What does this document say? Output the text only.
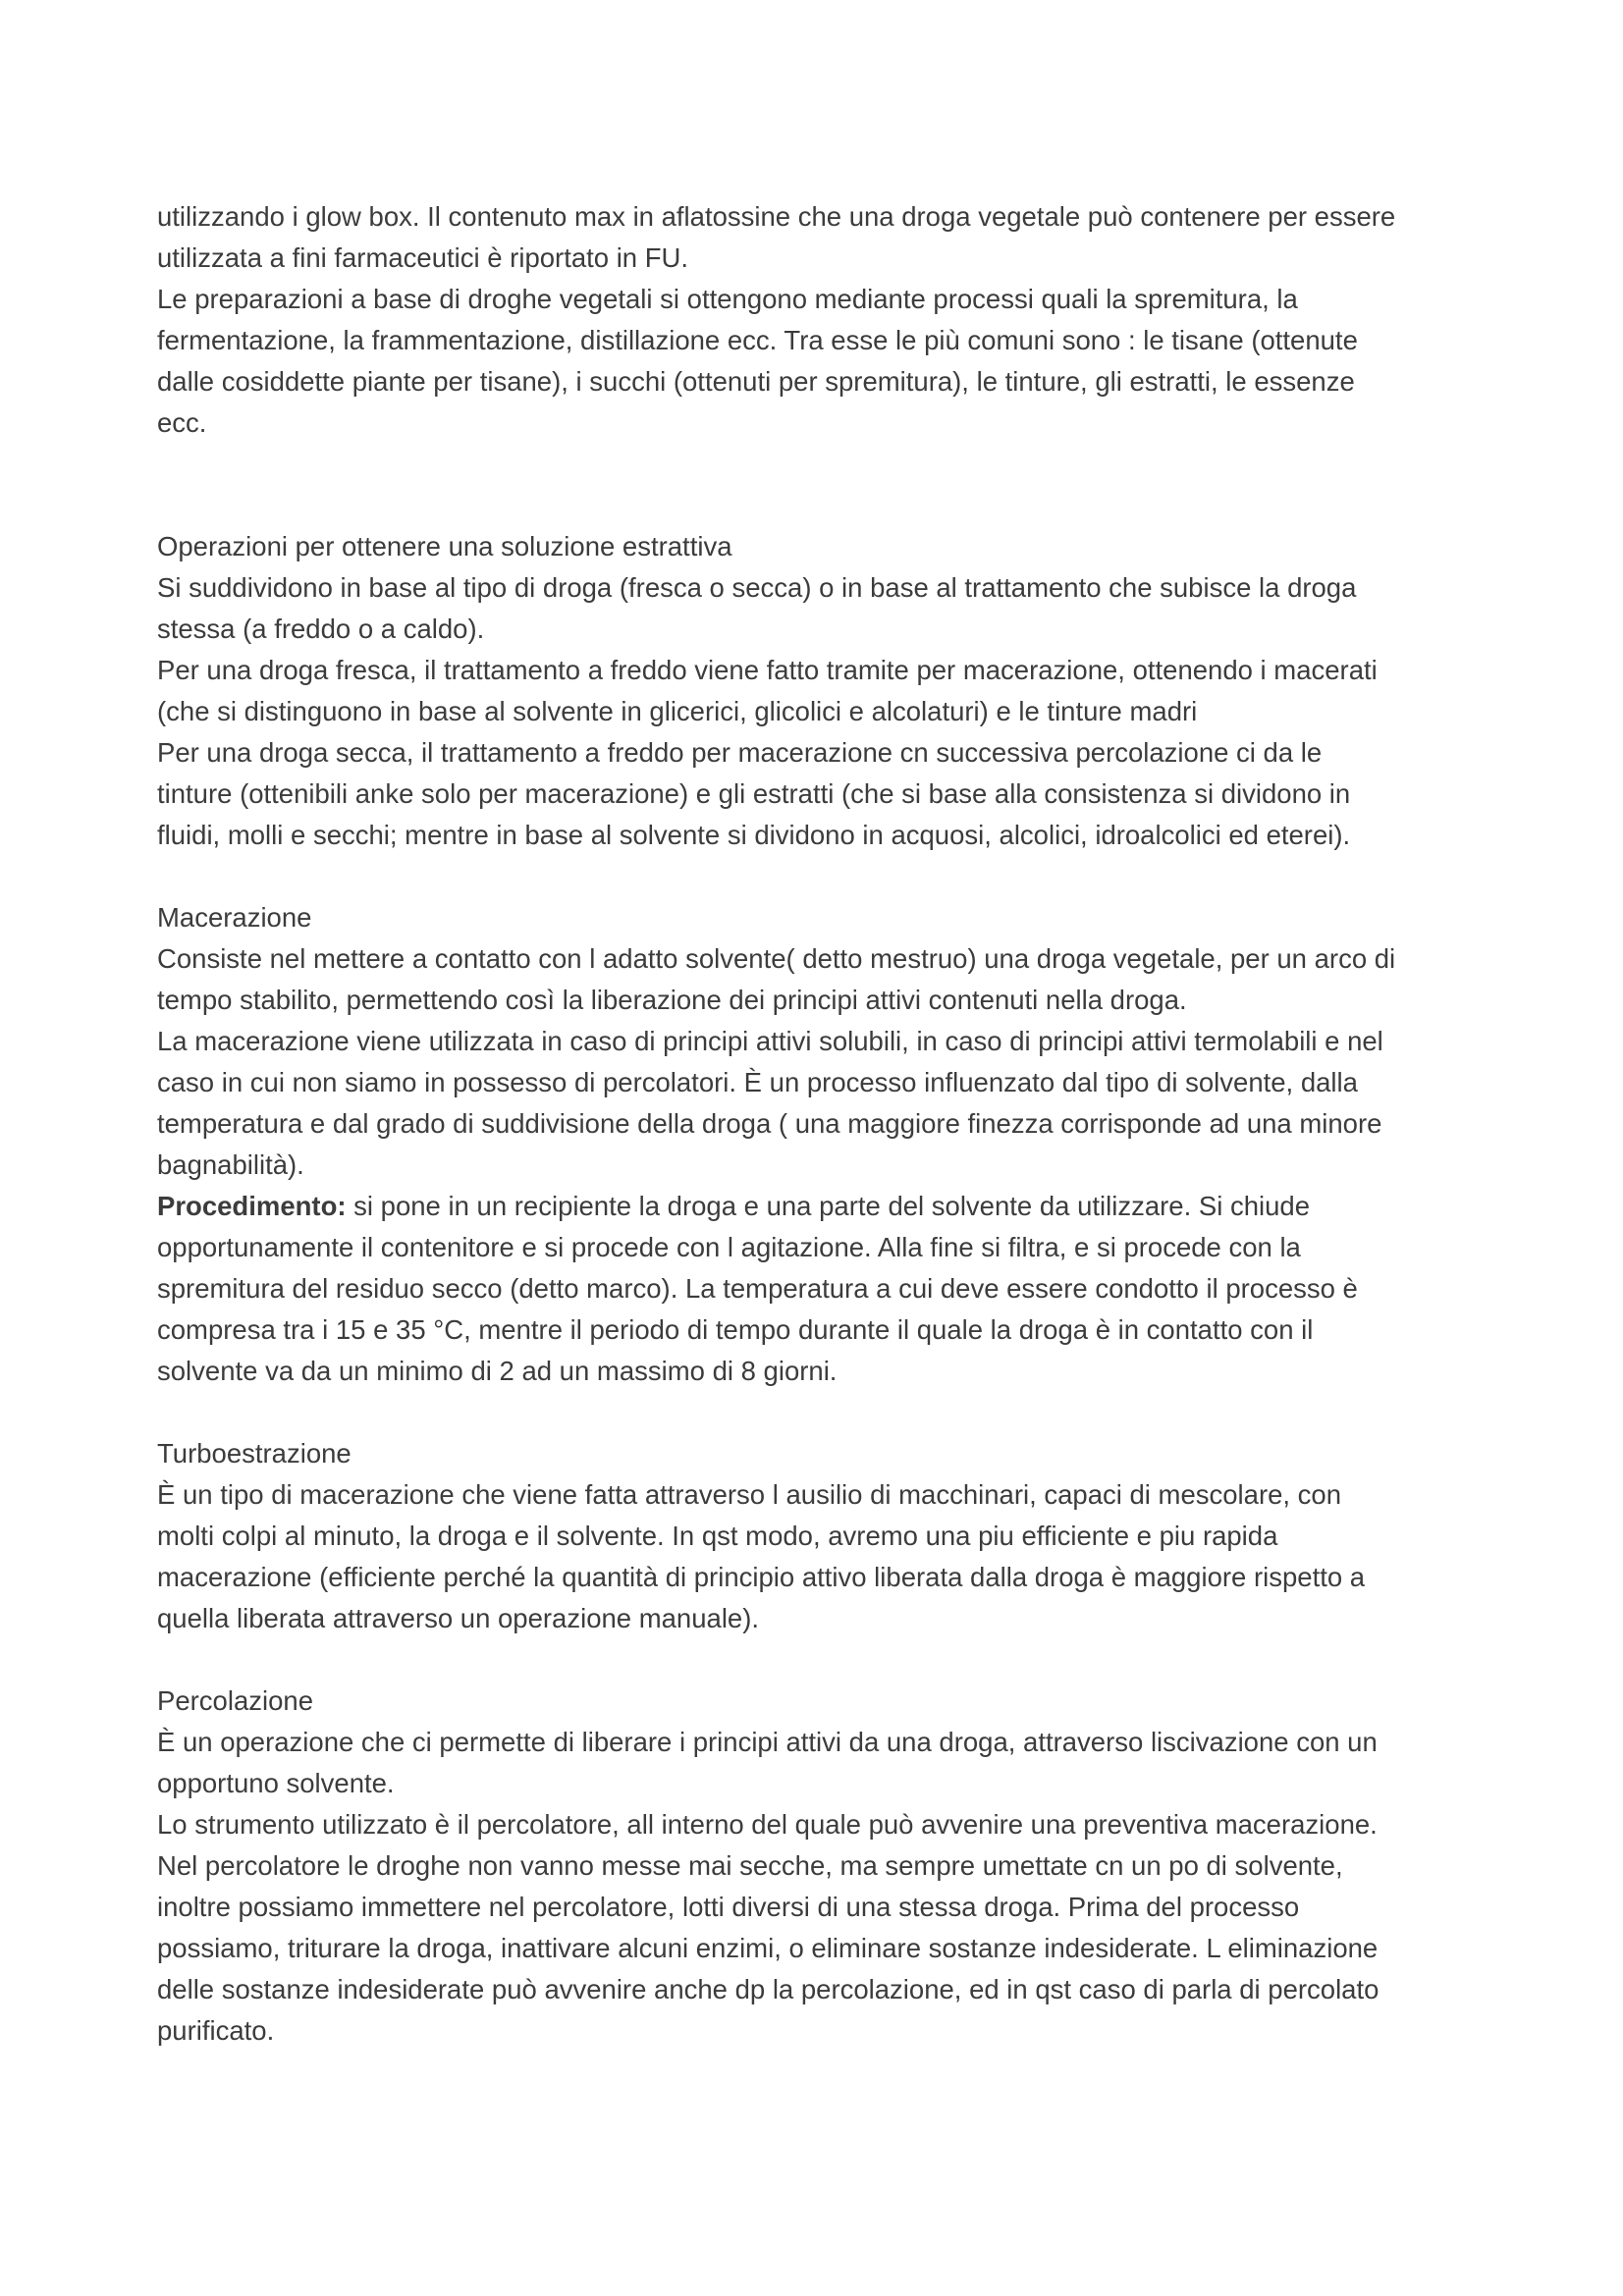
utilizzando i glow box. Il contenuto max in aflatossine che una droga vegetale può contenere per essere
utilizzata a fini farmaceutici è riportato in FU.
Le preparazioni a base di droghe vegetali si ottengono mediante processi quali la spremitura, la
fermentazione, la frammentazione, distillazione ecc. Tra esse le più comuni sono : le tisane (ottenute
dalle cosiddette piante per tisane), i succhi (ottenuti per spremitura), le tinture, gli estratti, le essenze
ecc.
Operazioni per ottenere una soluzione estrattiva
Si suddividono in base al tipo di droga (fresca o secca) o in base al trattamento che subisce la droga
stessa (a freddo o a caldo).
Per una droga fresca, il trattamento a freddo viene fatto tramite per macerazione, ottenendo i macerati
(che si distinguono in base al solvente in glicerici, glicolici e alcolaturi) e le tinture madri
Per una droga secca, il trattamento a freddo per macerazione cn successiva percolazione ci da le
tinture (ottenibili anke solo per macerazione) e gli estratti (che si base alla consistenza si dividono in
fluidi, molli e secchi; mentre in base al solvente si dividono in acquosi, alcolici, idroalcolici ed eterei).
Macerazione
Consiste nel mettere a contatto con l adatto solvente( detto mestruo) una droga vegetale, per un arco di
tempo stabilito, permettendo così la liberazione dei principi attivi contenuti nella droga.
La macerazione viene utilizzata in caso di principi attivi solubili, in caso di principi attivi termolabili e nel
caso in cui non siamo in possesso di percolatori. È un processo influenzato dal tipo di solvente, dalla
temperatura e dal grado di suddivisione della droga ( una maggiore finezza corrisponde ad una minore
bagnabilità).
Procedimento: si pone in un recipiente la droga e una parte del solvente da utilizzare. Si chiude
opportunamente il contenitore e si procede con l agitazione. Alla fine si filtra, e si procede con la
spremitura del residuo secco (detto marco). La temperatura a cui deve essere condotto il processo è
compresa tra i 15 e 35 °C, mentre il periodo di tempo durante il quale la droga è in contatto con il
solvente va da un minimo di 2 ad un massimo di 8 giorni.
Turboestrazione
È un tipo di macerazione che viene fatta attraverso l ausilio di macchinari, capaci di mescolare, con
molti colpi al minuto, la droga e il solvente. In qst modo, avremo una piu efficiente e piu rapida
macerazione (efficiente perché la quantità di principio attivo liberata dalla droga è maggiore rispetto a
quella liberata attraverso un operazione manuale).
Percolazione
È un operazione che ci permette di liberare i principi attivi da una droga, attraverso liscivazione con un
opportuno solvente.
Lo strumento utilizzato è il percolatore, all interno del quale può avvenire una preventiva macerazione.
Nel percolatore le droghe non vanno messe mai secche, ma sempre umettate cn un po di solvente,
inoltre possiamo immettere nel percolatore, lotti diversi di una stessa droga. Prima del processo
possiamo, triturare la droga, inattivare alcuni enzimi, o eliminare sostanze indesiderate. L eliminazione
delle sostanze indesiderate può avvenire anche dp la percolazione, ed in qst caso di parla di percolato
purificato.
